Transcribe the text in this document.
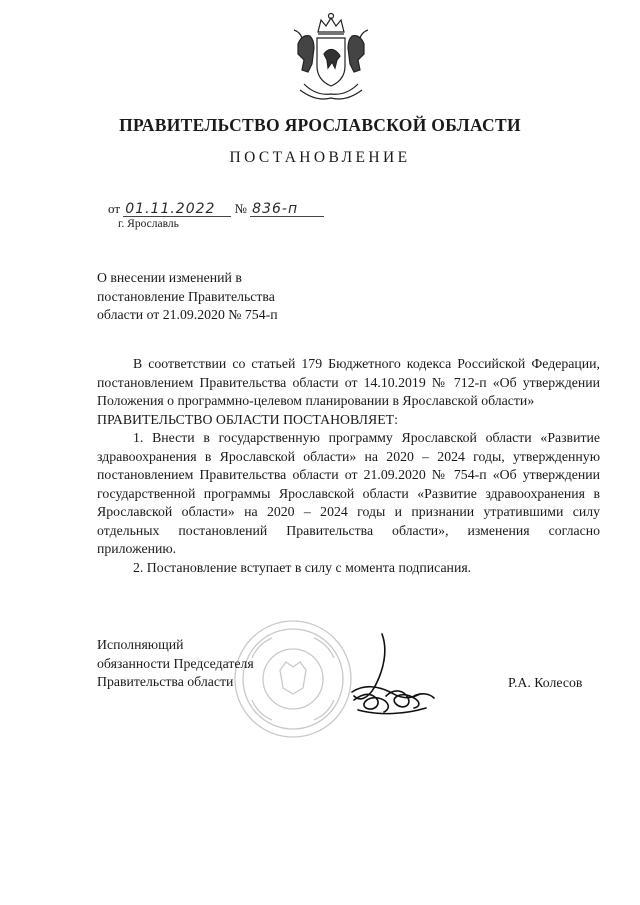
ПРАВИТЕЛЬСТВО ЯРОСЛАВСКОЙ ОБЛАСТИ
ПОСТАНОВЛЕНИЕ
от 01.11.2022 № 836-п
г. Ярославль
О внесении изменений в
постановление Правительства
области от 21.09.2020 № 754-п

В соответствии со статьей 179 Бюджетного кодекса Российской Федерации, постановлением Правительства области от 14.10.2019 № 712-п «Об утверждении Положения о программно-целевом планировании в Ярославской области»

ПРАВИТЕЛЬСТВО ОБЛАСТИ ПОСТАНОВЛЯЕТ:

1. Внести в государственную программу Ярославской области «Развитие здравоохранения в Ярославской области» на 2020 – 2024 годы, утвержденную постановлением Правительства области от 21.09.2020 № 754-п «Об утверждении государственной программы Ярославской области «Развитие здравоохранения в Ярославской области» на 2020 – 2024 годы и признании утратившими силу отдельных постановлений Правительства области», изменения согласно приложению.

2. Постановление вступает в силу с момента подписания.

Исполняющий
обязанности Председателя
Правительства области	Р.А. Колесов
